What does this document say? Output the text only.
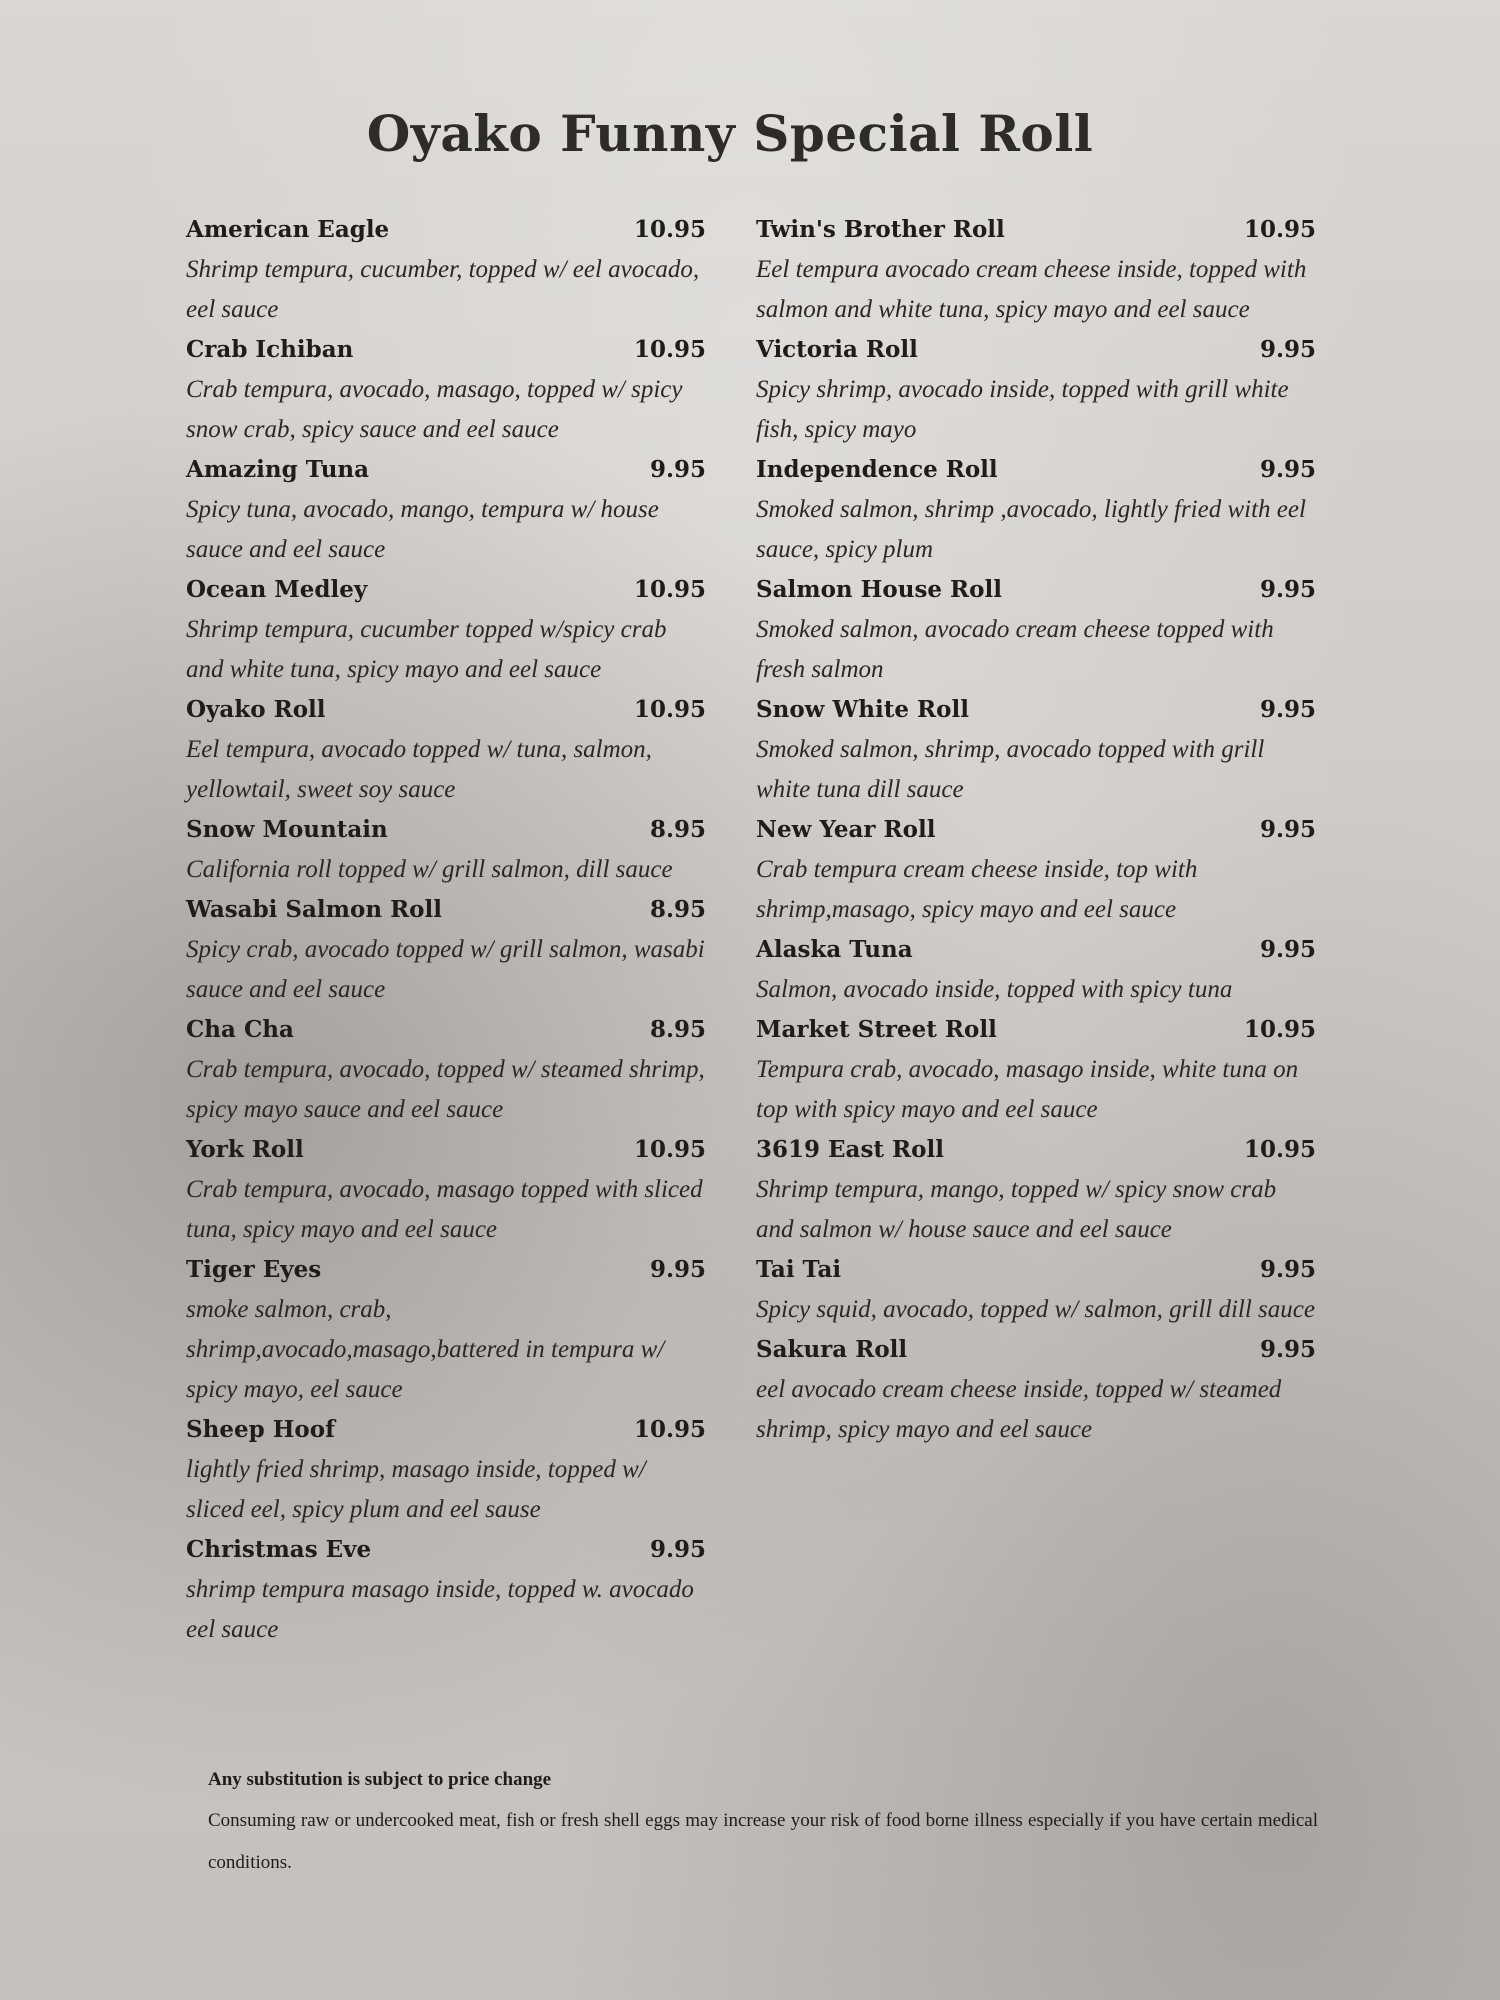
Oyako Funny Special Roll
American Eagle	10.95

Shrimp tempura, cucumber, topped w/ eel avocado, eel sauce

Crab Ichiban	10.95

Crab tempura, avocado, masago, topped w/ spicy snow crab, spicy sauce and eel sauce

Amazing Tuna	9.95

Spicy tuna, avocado, mango, tempura w/ house sauce and eel sauce

Ocean Medley	10.95

Shrimp tempura, cucumber topped w/spicy crab and white tuna, spicy mayo and eel sauce

Oyako Roll	10.95

Eel tempura, avocado topped w/ tuna, salmon, yellowtail, sweet soy sauce

Snow Mountain	8.95

California roll topped w/ grill salmon, dill sauce

Wasabi Salmon Roll	8.95

Spicy crab, avocado topped w/ grill salmon, wasabi sauce and eel sauce

Cha Cha	8.95

Crab tempura, avocado, topped w/ steamed shrimp, spicy mayo sauce and eel sauce

York Roll	10.95

Crab tempura, avocado, masago topped with sliced tuna, spicy mayo and eel sauce

Tiger Eyes	9.95

smoke salmon, crab, shrimp,avocado,masago,battered in tempura w/ spicy mayo, eel sauce

Sheep Hoof	10.95

lightly fried shrimp, masago inside, topped w/ sliced eel, spicy plum and eel sause

Christmas Eve	9.95

shrimp tempura masago inside, topped w. avocado eel sauce

Twin's Brother Roll	10.95

Eel tempura avocado cream cheese inside, topped with salmon and white tuna, spicy mayo and eel sauce

Victoria Roll	9.95

Spicy shrimp, avocado inside, topped with grill white fish, spicy mayo

Independence Roll	9.95

Smoked salmon, shrimp ,avocado, lightly fried with eel sauce, spicy plum

Salmon House Roll	9.95

Smoked salmon, avocado cream cheese topped with fresh salmon

Snow White Roll	9.95

Smoked salmon, shrimp, avocado topped with grill white tuna dill sauce

New Year Roll	9.95

Crab tempura cream cheese inside, top with shrimp,masago, spicy mayo and eel sauce

Alaska Tuna	9.95

Salmon, avocado inside, topped with spicy tuna

Market Street Roll	10.95

Tempura crab, avocado, masago inside, white tuna on top with spicy mayo and eel sauce

3619 East Roll	10.95

Shrimp tempura, mango, topped w/ spicy snow crab and salmon w/ house sauce and eel sauce

Tai Tai	9.95

Spicy squid, avocado, topped w/ salmon, grill dill sauce

Sakura Roll	9.95

eel avocado cream cheese inside, topped w/ steamed shrimp, spicy mayo and eel sauce

Any substitution is subject to price change
Consuming raw or undercooked meat, fish or fresh shell eggs may increase your risk of food borne illness especially if you have certain medical conditions.
